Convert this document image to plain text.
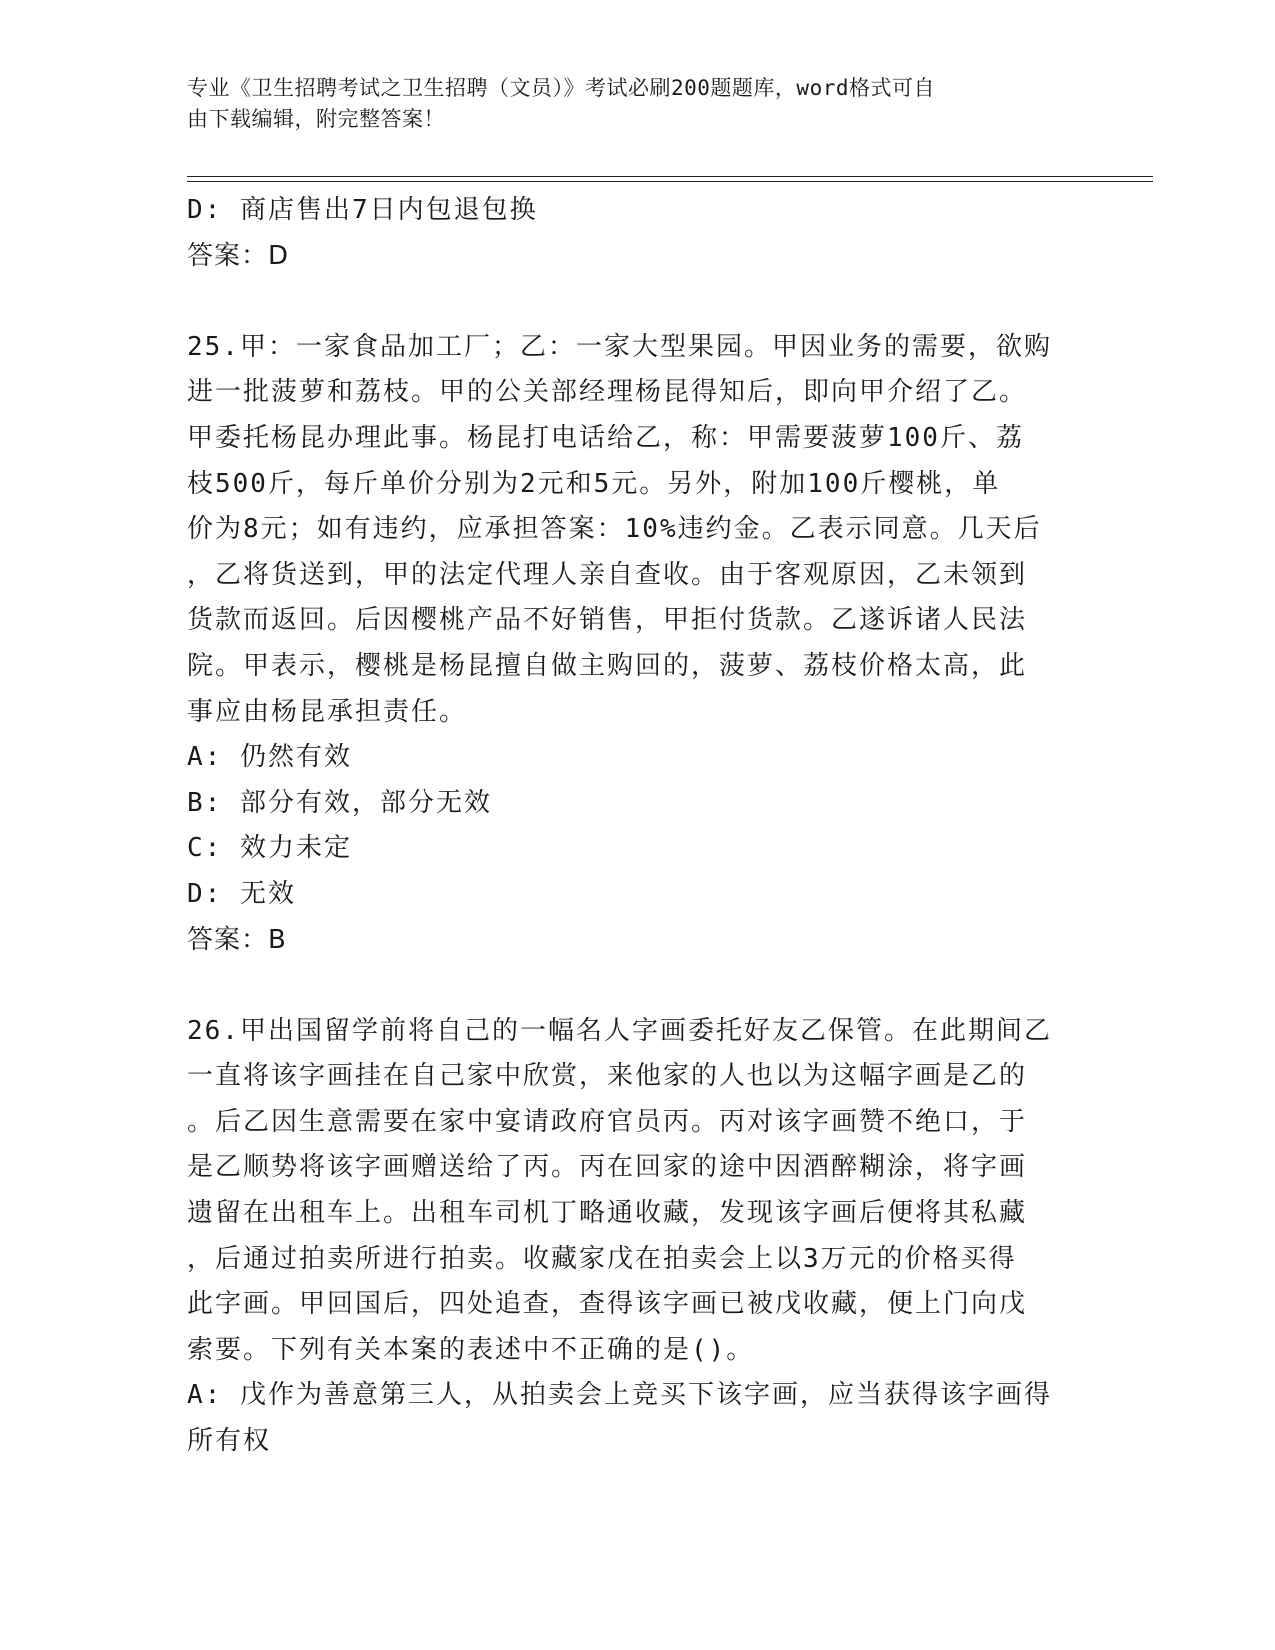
专业《卫生招聘考试之卫生招聘（文员）》考试必刷200题题库，word格式可自
由下载编辑，附完整答案！
D: 商店售出7日内包退包换
答案：D
25.甲：一家食品加工厂；乙：一家大型果园。甲因业务的需要，欲购
进一批菠萝和荔枝。甲的公关部经理杨昆得知后，即向甲介绍了乙。
甲委托杨昆办理此事。杨昆打电话给乙，称：甲需要菠萝100斤、荔
枝500斤，每斤单价分别为2元和5元。另外，附加100斤樱桃，单
价为8元；如有违约，应承担答案：10%违约金。乙表示同意。几天后
，乙将货送到，甲的法定代理人亲自查收。由于客观原因，乙未领到
货款而返回。后因樱桃产品不好销售，甲拒付货款。乙遂诉诸人民法
院。甲表示，樱桃是杨昆擅自做主购回的，菠萝、荔枝价格太高，此
事应由杨昆承担责任。
A: 仍然有效
B: 部分有效，部分无效
C: 效力未定
D: 无效
答案：B
26.甲出国留学前将自己的一幅名人字画委托好友乙保管。在此期间乙
一直将该字画挂在自己家中欣赏，来他家的人也以为这幅字画是乙的
。后乙因生意需要在家中宴请政府官员丙。丙对该字画赞不绝口，于
是乙顺势将该字画赠送给了丙。丙在回家的途中因酒醉糊涂，将字画
遗留在出租车上。出租车司机丁略通收藏，发现该字画后便将其私藏
，后通过拍卖所进行拍卖。收藏家戊在拍卖会上以3万元的价格买得
此字画。甲回国后，四处追查，查得该字画已被戊收藏，便上门向戊
索要。下列有关本案的表述中不正确的是()。
A: 戊作为善意第三人，从拍卖会上竞买下该字画，应当获得该字画得
所有权
